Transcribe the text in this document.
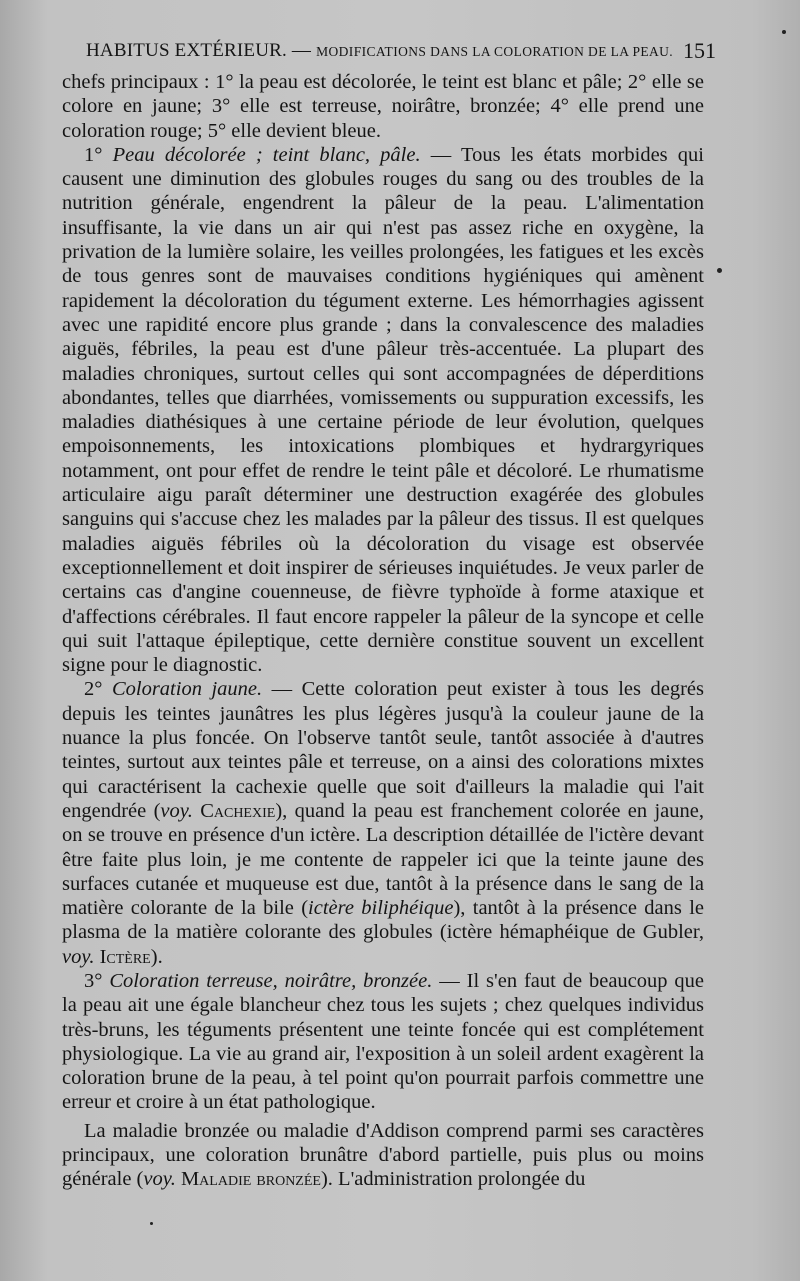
HABITUS EXTÉRIEUR. — MODIFICATIONS DANS LA COLORATION DE LA PEAU. 151

chefs principaux : 1° la peau est décolorée, le teint est blanc et pâle; 2° elle se colore en jaune; 3° elle est terreuse, noirâtre, bronzée; 4° elle prend une coloration rouge; 5° elle devient bleue.

1° Peau décolorée ; teint blanc, pâle. — Tous les états morbides qui causent une diminution des globules rouges du sang ou des troubles de la nutrition générale, engendrent la pâleur de la peau. L'alimentation insuffisante, la vie dans un air qui n'est pas assez riche en oxygène, la privation de la lumière solaire, les veilles prolongées, les fatigues et les excès de tous genres sont de mauvaises conditions hygiéniques qui amènent rapidement la décoloration du tégument externe. Les hémorrhagies agissent avec une rapidité encore plus grande ; dans la convalescence des maladies aiguës, fébriles, la peau est d'une pâleur très-accentuée. La plupart des maladies chroniques, surtout celles qui sont accompagnées de déperditions abondantes, telles que diarrhées, vomissements ou suppuration excessifs, les maladies diathésiques à une certaine période de leur évolution, quelques empoisonnements, les intoxications plombiques et hydrargyriques notamment, ont pour effet de rendre le teint pâle et décoloré. Le rhumatisme articulaire aigu paraît déterminer une destruction exagérée des globules sanguins qui s'accuse chez les malades par la pâleur des tissus. Il est quelques maladies aiguës fébriles où la décoloration du visage est observée exceptionnellement et doit inspirer de sérieuses inquiétudes. Je veux parler de certains cas d'angine couenneuse, de fièvre typhoïde à forme ataxique et d'affections cérébrales. Il faut encore rappeler la pâleur de la syncope et celle qui suit l'attaque épileptique, cette dernière constitue souvent un excellent signe pour le diagnostic.

2° Coloration jaune. — Cette coloration peut exister à tous les degrés depuis les teintes jaunâtres les plus légères jusqu'à la couleur jaune de la nuance la plus foncée. On l'observe tantôt seule, tantôt associée à d'autres teintes, surtout aux teintes pâle et terreuse, on a ainsi des colorations mixtes qui caractérisent la cachexie quelle que soit d'ailleurs la maladie qui l'ait engendrée (voy. Cachexie), quand la peau est franchement colorée en jaune, on se trouve en présence d'un ictère. La description détaillée de l'ictère devant être faite plus loin, je me contente de rappeler ici que la teinte jaune des surfaces cutanée et muqueuse est due, tantôt à la présence dans le sang de la matière colorante de la bile (ictère biliphéique), tantôt à la présence dans le plasma de la matière colorante des globules (ictère hémaphéique de Gubler, voy. Ictère).

3° Coloration terreuse, noirâtre, bronzée. — Il s'en faut de beaucoup que la peau ait une égale blancheur chez tous les sujets ; chez quelques individus très-bruns, les téguments présentent une teinte foncée qui est complétement physiologique. La vie au grand air, l'exposition à un soleil ardent exagèrent la coloration brune de la peau, à tel point qu'on pourrait parfois commettre une erreur et croire à un état pathologique.

La maladie bronzée ou maladie d'Addison comprend parmi ses caractères principaux, une coloration brunâtre d'abord partielle, puis plus ou moins générale (voy. Maladie bronzée). L'administration prolongée du
